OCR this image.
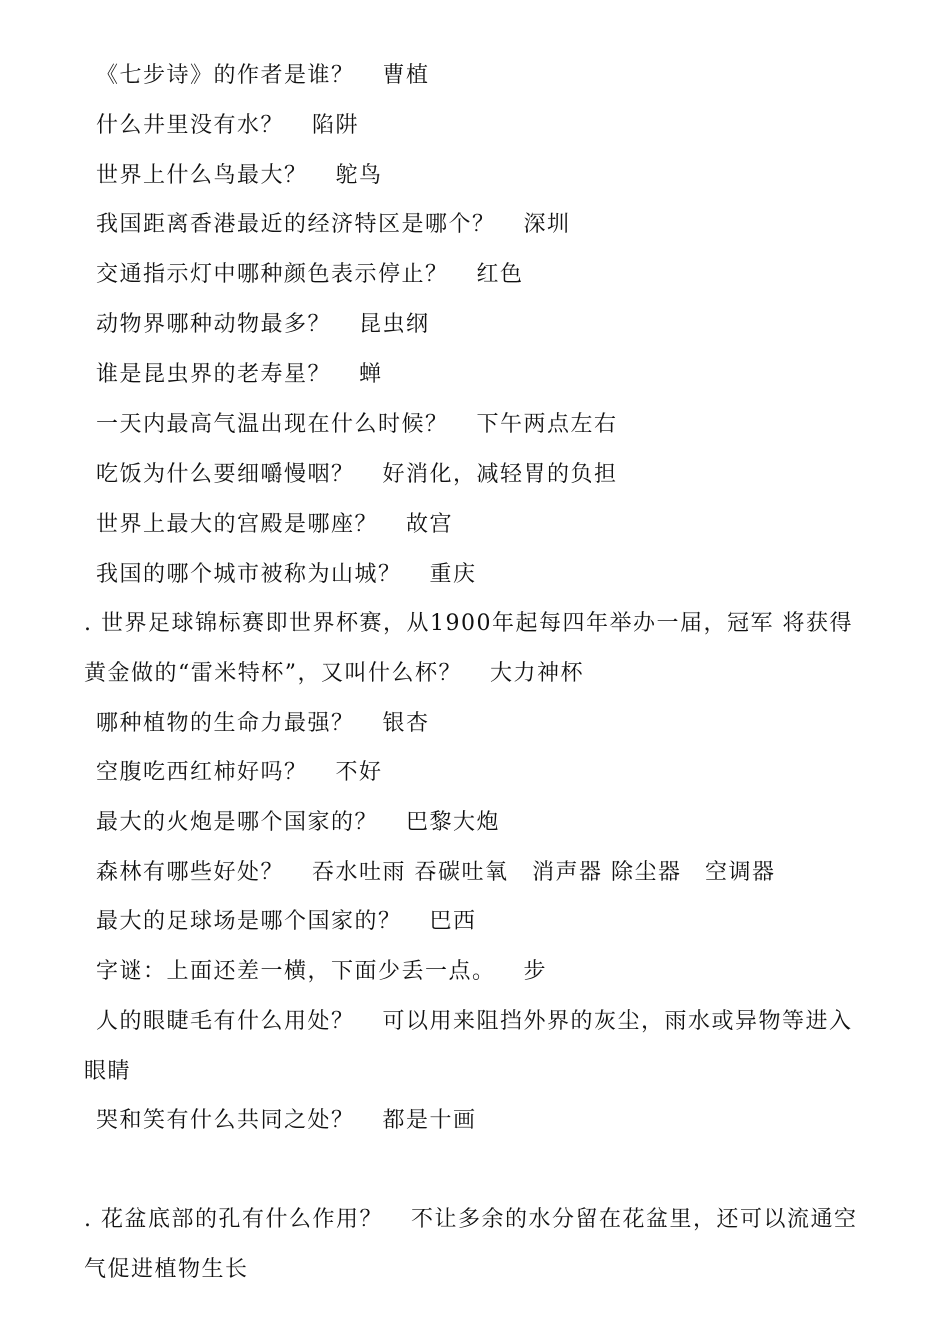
《七步诗》的作者是谁？ 曹植
什么井里没有水？ 陷阱
世界上什么鸟最大？ 鸵鸟
我国距离香港最近的经济特区是哪个？ 深圳
交通指示灯中哪种颜色表示停止？ 红色
动物界哪种动物最多？ 昆虫纲
谁是昆虫界的老寿星？ 蝉
一天内最高气温出现在什么时候？ 下午两点左右
吃饭为什么要细嚼慢咽？ 好消化，减轻胃的负担
世界上最大的宫殿是哪座？ 故宫
我国的哪个城市被称为山城？ 重庆
. 世界足球锦标赛即世界杯赛，从1900年起每四年举办一届，冠军 将获得
黄金做的“雷米特杯”，又叫什么杯？ 大力神杯
哪种植物的生命力最强？ 银杏
空腹吃西红柿好吗？ 不好
最大的火炮是哪个国家的？ 巴黎大炮
森林有哪些好处？ 吞水吐雨 吞碳吐氧　消声器 除尘器　空调器
最大的足球场是哪个国家的？ 巴西
字谜：上面还差一横，下面少丢一点。 步
人的眼睫毛有什么用处？ 可以用来阻挡外界的灰尘，雨水或异物等进入
眼睛
哭和笑有什么共同之处？ 都是十画
. 花盆底部的孔有什么作用？ 不让多余的水分留在花盆里，还可以流通空
气促进植物生长
